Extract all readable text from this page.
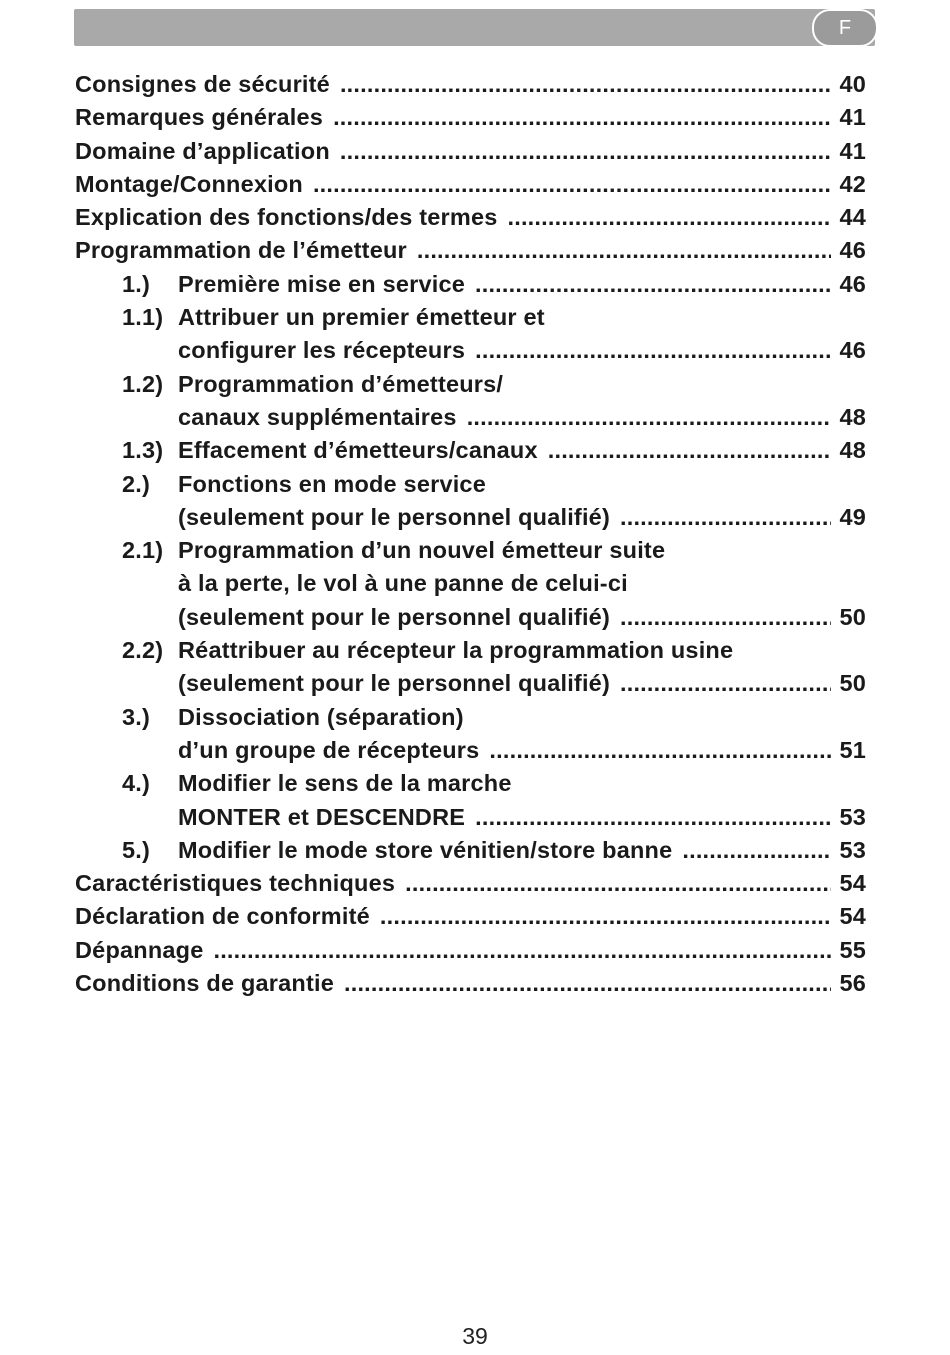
F
Consignes de sécurité .....	40
Remarques générales .....	41
Domaine d’application .....	41
Montage/Connexion .....	42
Explication des fonctions/des termes .....	44
Programmation de l’émetteur .....	46
1.) Première mise en service .....	46
1.1) Attribuer un premier émetteur et
configurer les récepteurs .....	46
1.2) Programmation d’émetteurs/
canaux supplémentaires .....	48
1.3) Effacement d’émetteurs/canaux .....	48
2.) Fonctions en mode service
(seulement pour le personnel qualifié) .....	49
2.1) Programmation d’un nouvel émetteur suite
à la perte, le vol à une panne de celui-ci
(seulement pour le personnel qualifié) .....	50
2.2) Réattribuer au récepteur la programmation usine
(seulement pour le personnel qualifié) .....	50
3.) Dissociation (séparation)
d’un groupe de récepteurs .....	51
4.) Modifier le sens de la marche
MONTER et DESCENDRE .....	53
5.) Modifier le mode store vénitien/store banne .....	53
Caractéristiques techniques .....	54
Déclaration de conformité .....	54
Dépannage .....	55
Conditions de garantie .....	56
39
